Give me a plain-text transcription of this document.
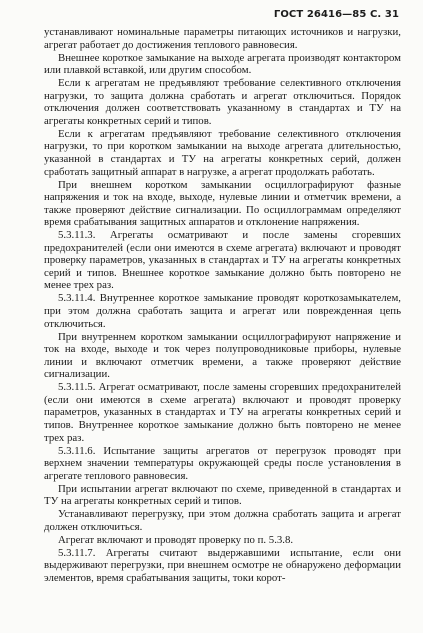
ГОСТ 26416—85 С. 31

устанавливают номинальные параметры питающих источников и нагрузки, агрегат работает до достижения теплового равновесия.

Внешнее короткое замыкание на выходе агрегата производят контактором или плавкой вставкой, или другим способом.

Если к агрегатам не предъявляют требование селективного отключения нагрузки, то защита должна сработать и агрегат отключиться. Порядок отключения должен соответствовать указанному в стандартах и ТУ на агрегаты конкретных серий и типов.

Если к агрегатам предъявляют требование селективного отключения нагрузки, то при коротком замыкании на выходе агрегата длительностью, указанной в стандартах и ТУ на агрегаты конкретных серий, должен сработать защитный аппарат в нагрузке, а агрегат продолжать работать.

При внешнем коротком замыкании осциллографируют фазные напряжения и ток на входе, выходе, нулевые линии и отметчик времени, а также проверяют действие сигнализации. По осциллограммам определяют время срабатывания защитных аппаратов и отклонение напряжения.

5.3.11.3. Агрегаты осматривают и после замены сгоревших предохранителей (если они имеются в схеме агрегата) включают и проводят проверку параметров, указанных в стандартах и ТУ на агрегаты конкретных серий и типов. Внешнее короткое замыкание должно быть повторено не менее трех раз.

5.3.11.4. Внутреннее короткое замыкание проводят короткозамыкателем, при этом должна сработать защита и агрегат или поврежденная цепь отключиться.

При внутреннем коротком замыкании осциллографируют напряжение и ток на входе, выходе и ток через полупроводниковые приборы, нулевые линии и включают отметчик времени, а также проверяют действие сигнализации.

5.3.11.5. Агрегат осматривают, после замены сгоревших предохранителей (если они имеются в схеме агрегата) включают и проводят проверку параметров, указанных в стандартах и ТУ на агрегаты конкретных серий и типов. Внутреннее короткое замыкание должно быть повторено не менее трех раз.

5.3.11.6. Испытание защиты агрегатов от перегрузок проводят при верхнем значении температуры окружающей среды после установления в агрегате теплового равновесия.

При испытании агрегат включают по схеме, приведенной в стандартах и ТУ на агрегаты конкретных серий и типов.

Устанавливают перегрузку, при этом должна сработать защита и агрегат должен отключиться.

Агрегат включают и проводят проверку по п. 5.3.8.

5.3.11.7. Агрегаты считают выдержавшими испытание, если они выдерживают перегрузки, при внешнем осмотре не обнаружено деформации элементов, время срабатывания защиты, токи корот-
